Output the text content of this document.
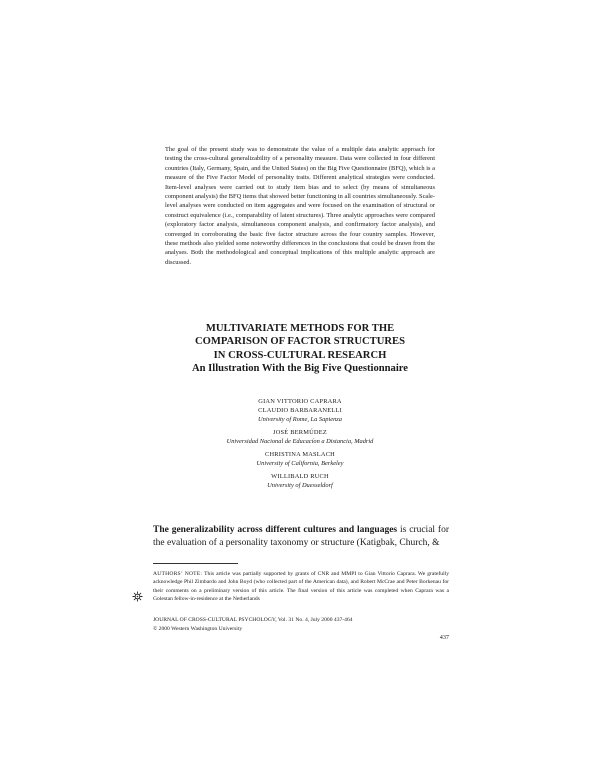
The goal of the present study was to demonstrate the value of a multiple data analytic approach for testing the cross-cultural generalizability of a personality measure. Data were collected in four different countries (Italy, Germany, Spain, and the United States) on the Big Five Questionnaire (BFQ), which is a measure of the Five Factor Model of personality traits. Different analytical strategies were conducted. Item-level analyses were carried out to study item bias and to select (by means of simultaneous component analysis) the BFQ items that showed better functioning in all countries simultaneously. Scale-level analyses were conducted on item aggregates and were focused on the examination of structural or construct equivalence (i.e., comparability of latent structures). Three analytic approaches were compared (exploratory factor analysis, simultaneous component analysis, and confirmatory factor analysis), and converged in corroborating the basic five factor structure across the four country samples. However, these methods also yielded some noteworthy differences in the conclusions that could be drawn from the analyses. Both the methodological and conceptual implications of this multiple analytic approach are discussed.
MULTIVARIATE METHODS FOR THE
COMPARISON OF FACTOR STRUCTURES
IN CROSS-CULTURAL RESEARCH
An Illustration With the Big Five Questionnaire
GIAN VITTORIO CAPRARA
CLAUDIO BARBARANELLI
University of Rome, La Sapienza
JOSÉ BERMÚDEZ
Universidad Nacional de Educacíon a Distancia, Madrid
CHRISTINA MASLACH
University of California, Berkeley
WILLIBALD RUCH
University of Duesseldorf
The generalizability across different cultures and languages is crucial for the evaluation of a personality taxonomy or structure (Katigbak, Church, &
AUTHORS’ NOTE: This article was partially supported by grants of CNR and MMPI to Gian Vittorio Caprara. We gratefully acknowledge Phil Zimbardo and John Boyd (who collected part of the American data), and Robert McCrae and Peter Borkenau for their comments on a preliminary version of this article. The final version of this article was completed when Caprara was a Golestan fellow-in-residence at the Netherlands
JOURNAL OF CROSS-CULTURAL PSYCHOLOGY, Vol. 31 No. 4, July 2000 437-464
© 2000 Western Washington University
437
